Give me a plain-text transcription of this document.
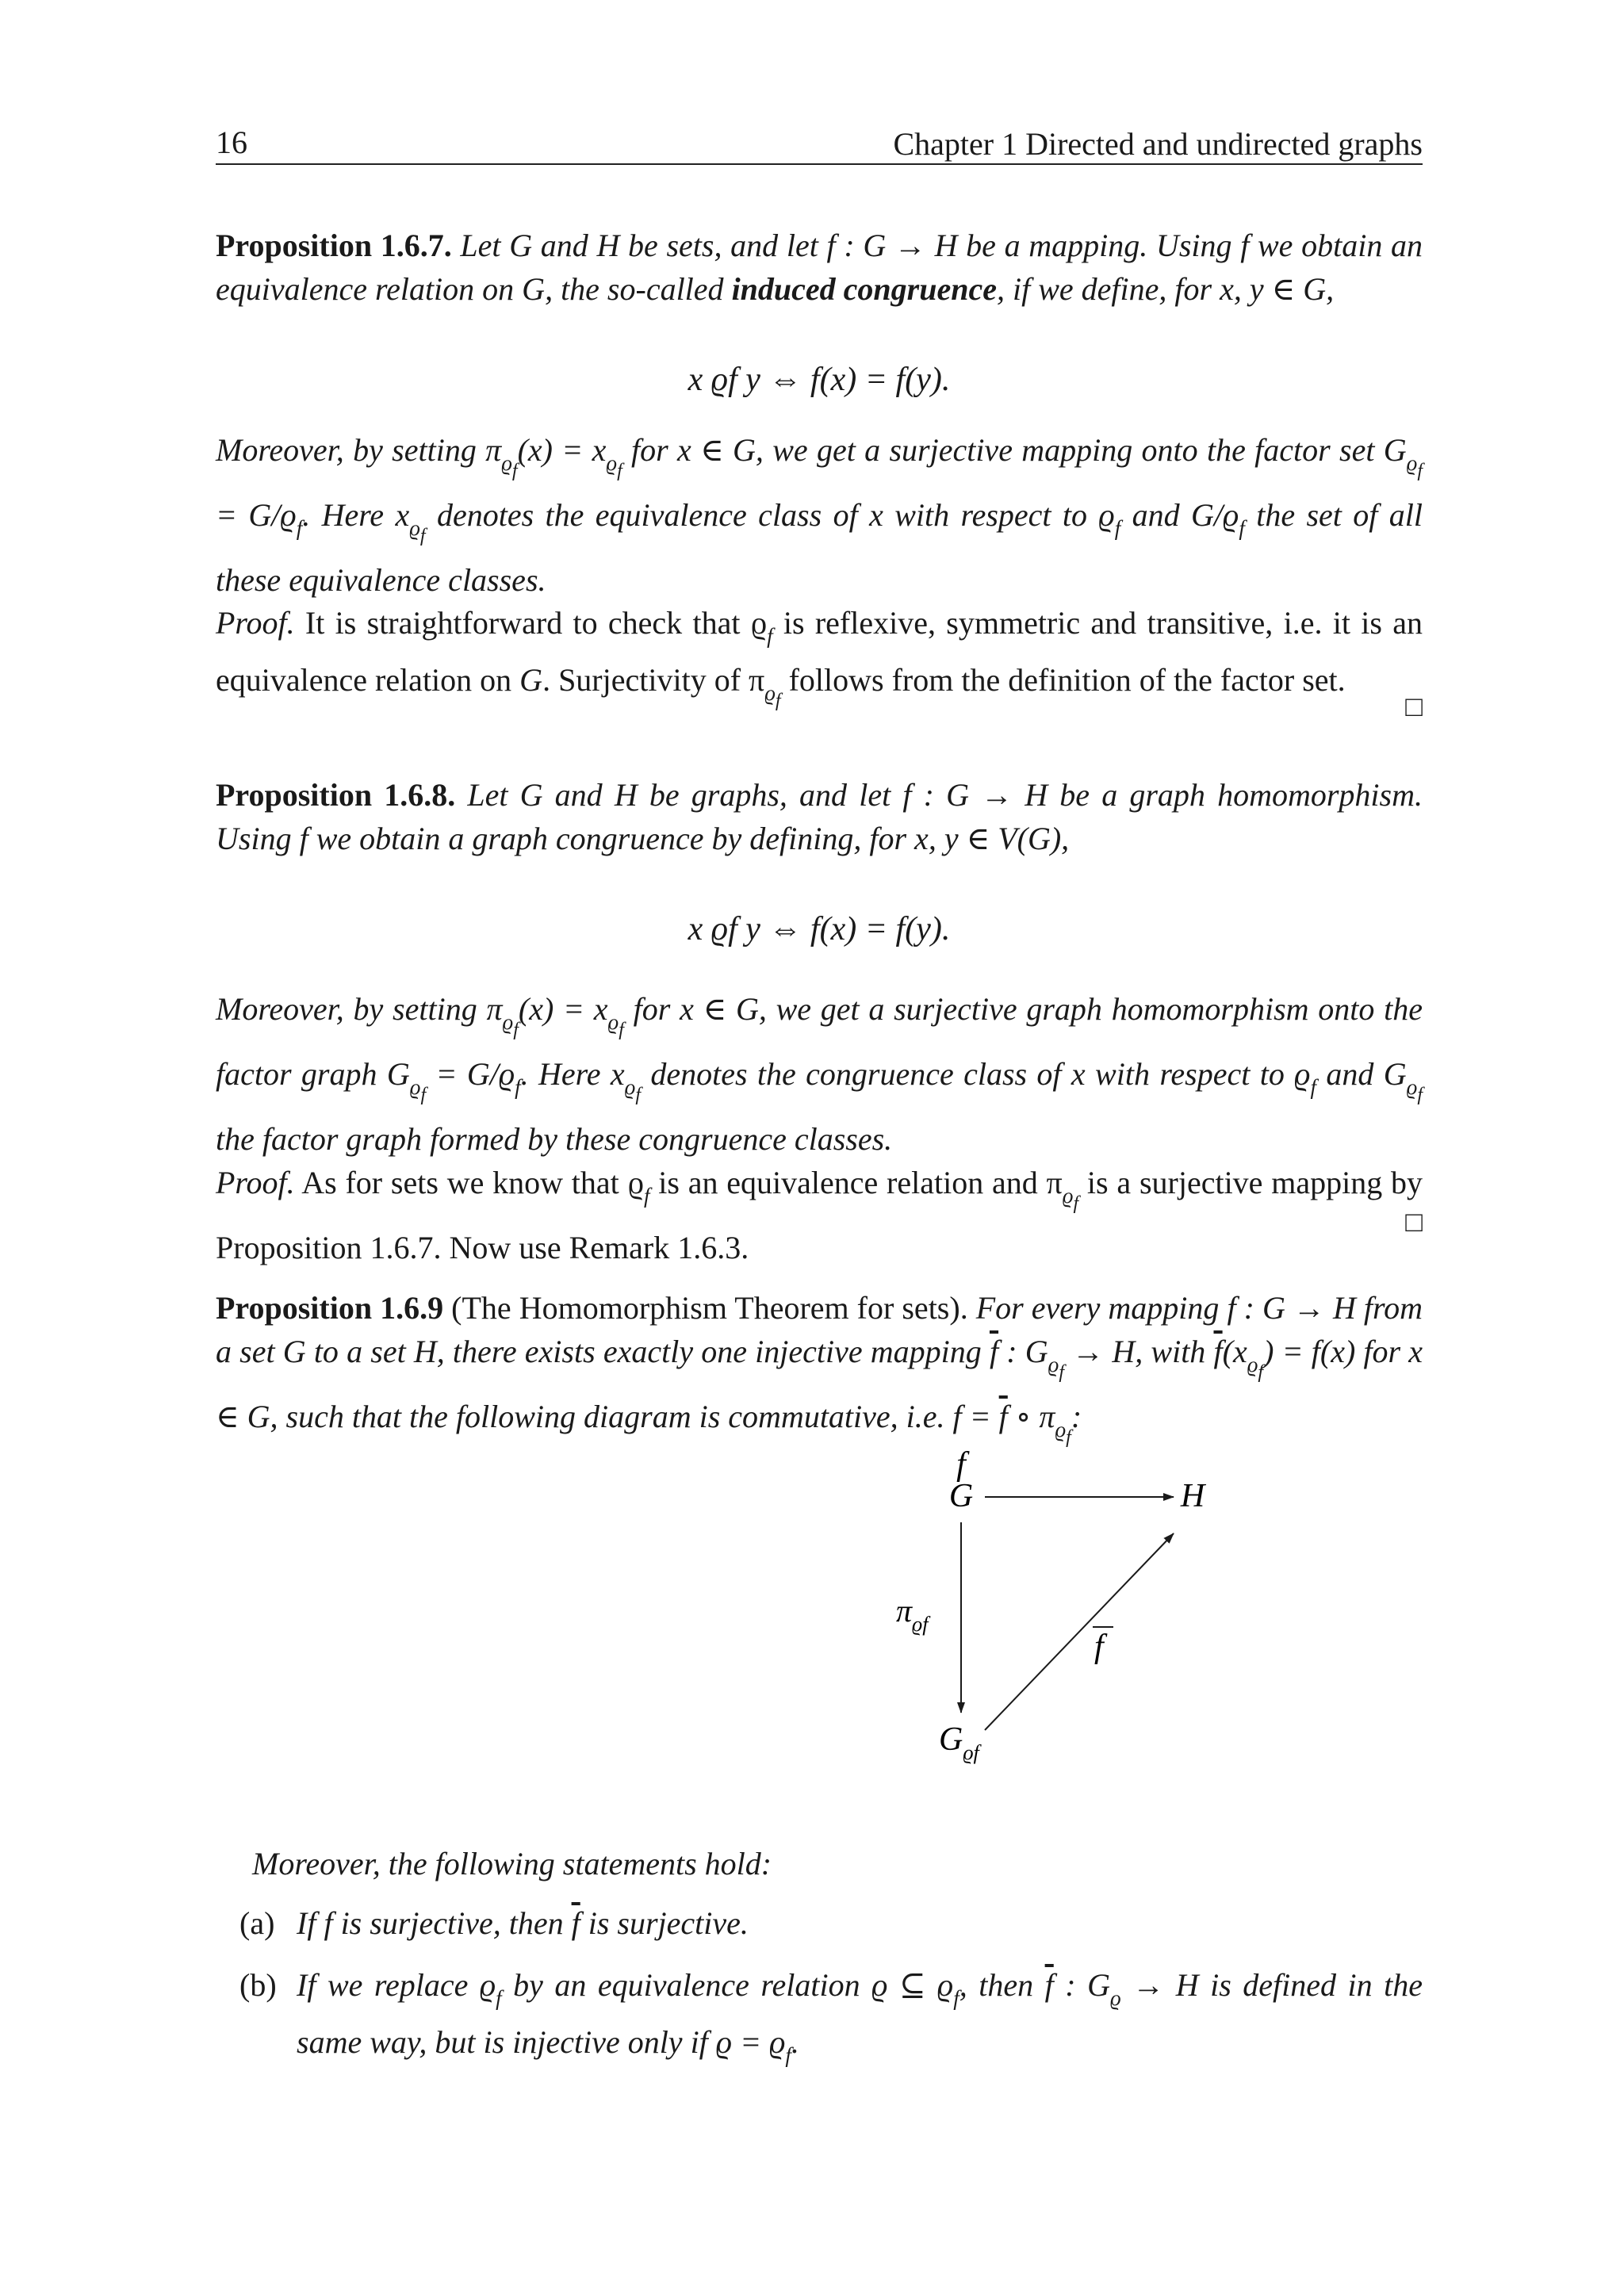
16	Chapter 1 Directed and undirected graphs
Proposition 1.6.7. Let G and H be sets, and let f : G → H be a mapping. Using f we obtain an equivalence relation on G, the so-called induced congruence, if we define, for x, y ∈ G,
x ϱf y ⇔ f(x) = f(y).
Moreover, by setting $\pi_{ϱf}(x) = x_{ϱf}$ for x ∈ G, we get a surjective mapping onto the factor set $G_{ϱf} = G/ϱ_f$. Here $x_{ϱf}$ denotes the equivalence class of x with respect to $ϱ_f$ and $G/ϱ_f$ the set of all these equivalence classes.
Proof. It is straightforward to check that $ϱ_f$ is reflexive, symmetric and transitive, i.e. it is an equivalence relation on G. Surjectivity of $\pi_{ϱf}$ follows from the definition of the factor set.
□
Proposition 1.6.8. Let G and H be graphs, and let f : G → H be a graph homomorphism. Using f we obtain a graph congruence by defining, for x, y ∈ V(G),
x ϱf y ⇔ f(x) = f(y).
Moreover, by setting $\pi_{ϱf}(x) = x_{ϱf}$ for x ∈ G, we get a surjective graph homomorphism onto the factor graph $G_{ϱf} = G/ϱ_f$. Here $x_{ϱf}$ denotes the congruence class of x with respect to $ϱ_f$ and $G_{ϱf}$ the factor graph formed by these congruence classes.
Proof. As for sets we know that $ϱ_f$ is an equivalence relation and $\pi_{ϱf}$ is a surjective mapping by Proposition 1.6.7. Now use Remark 1.6.3.
□
Proposition 1.6.9 (The Homomorphism Theorem for sets). For every mapping f : G → H from a set G to a set H, there exists exactly one injective mapping $\overline{f}$ : $G_{ϱf} \to H$, with $\overline{f}(x_{ϱf}) = f(x)$ for x ∈ G, such that the following diagram is commutative, i.e. $f = \overline{f}$ ∘ $\pi_{ϱf}$:
f
G	H
$\pi_{ϱf}$
f
$G_{ϱf}$
Moreover, the following statements hold:
(a) If f is surjective, then $\overline{f}$ is surjective.
(b) If we replace $ϱ_f$ by an equivalence relation ϱ ⊆ $ϱ_f$, then $\overline{f}$ : $G_ϱ \to H$ is defined in the same way, but is injective only if $ϱ = ϱ_f$.
